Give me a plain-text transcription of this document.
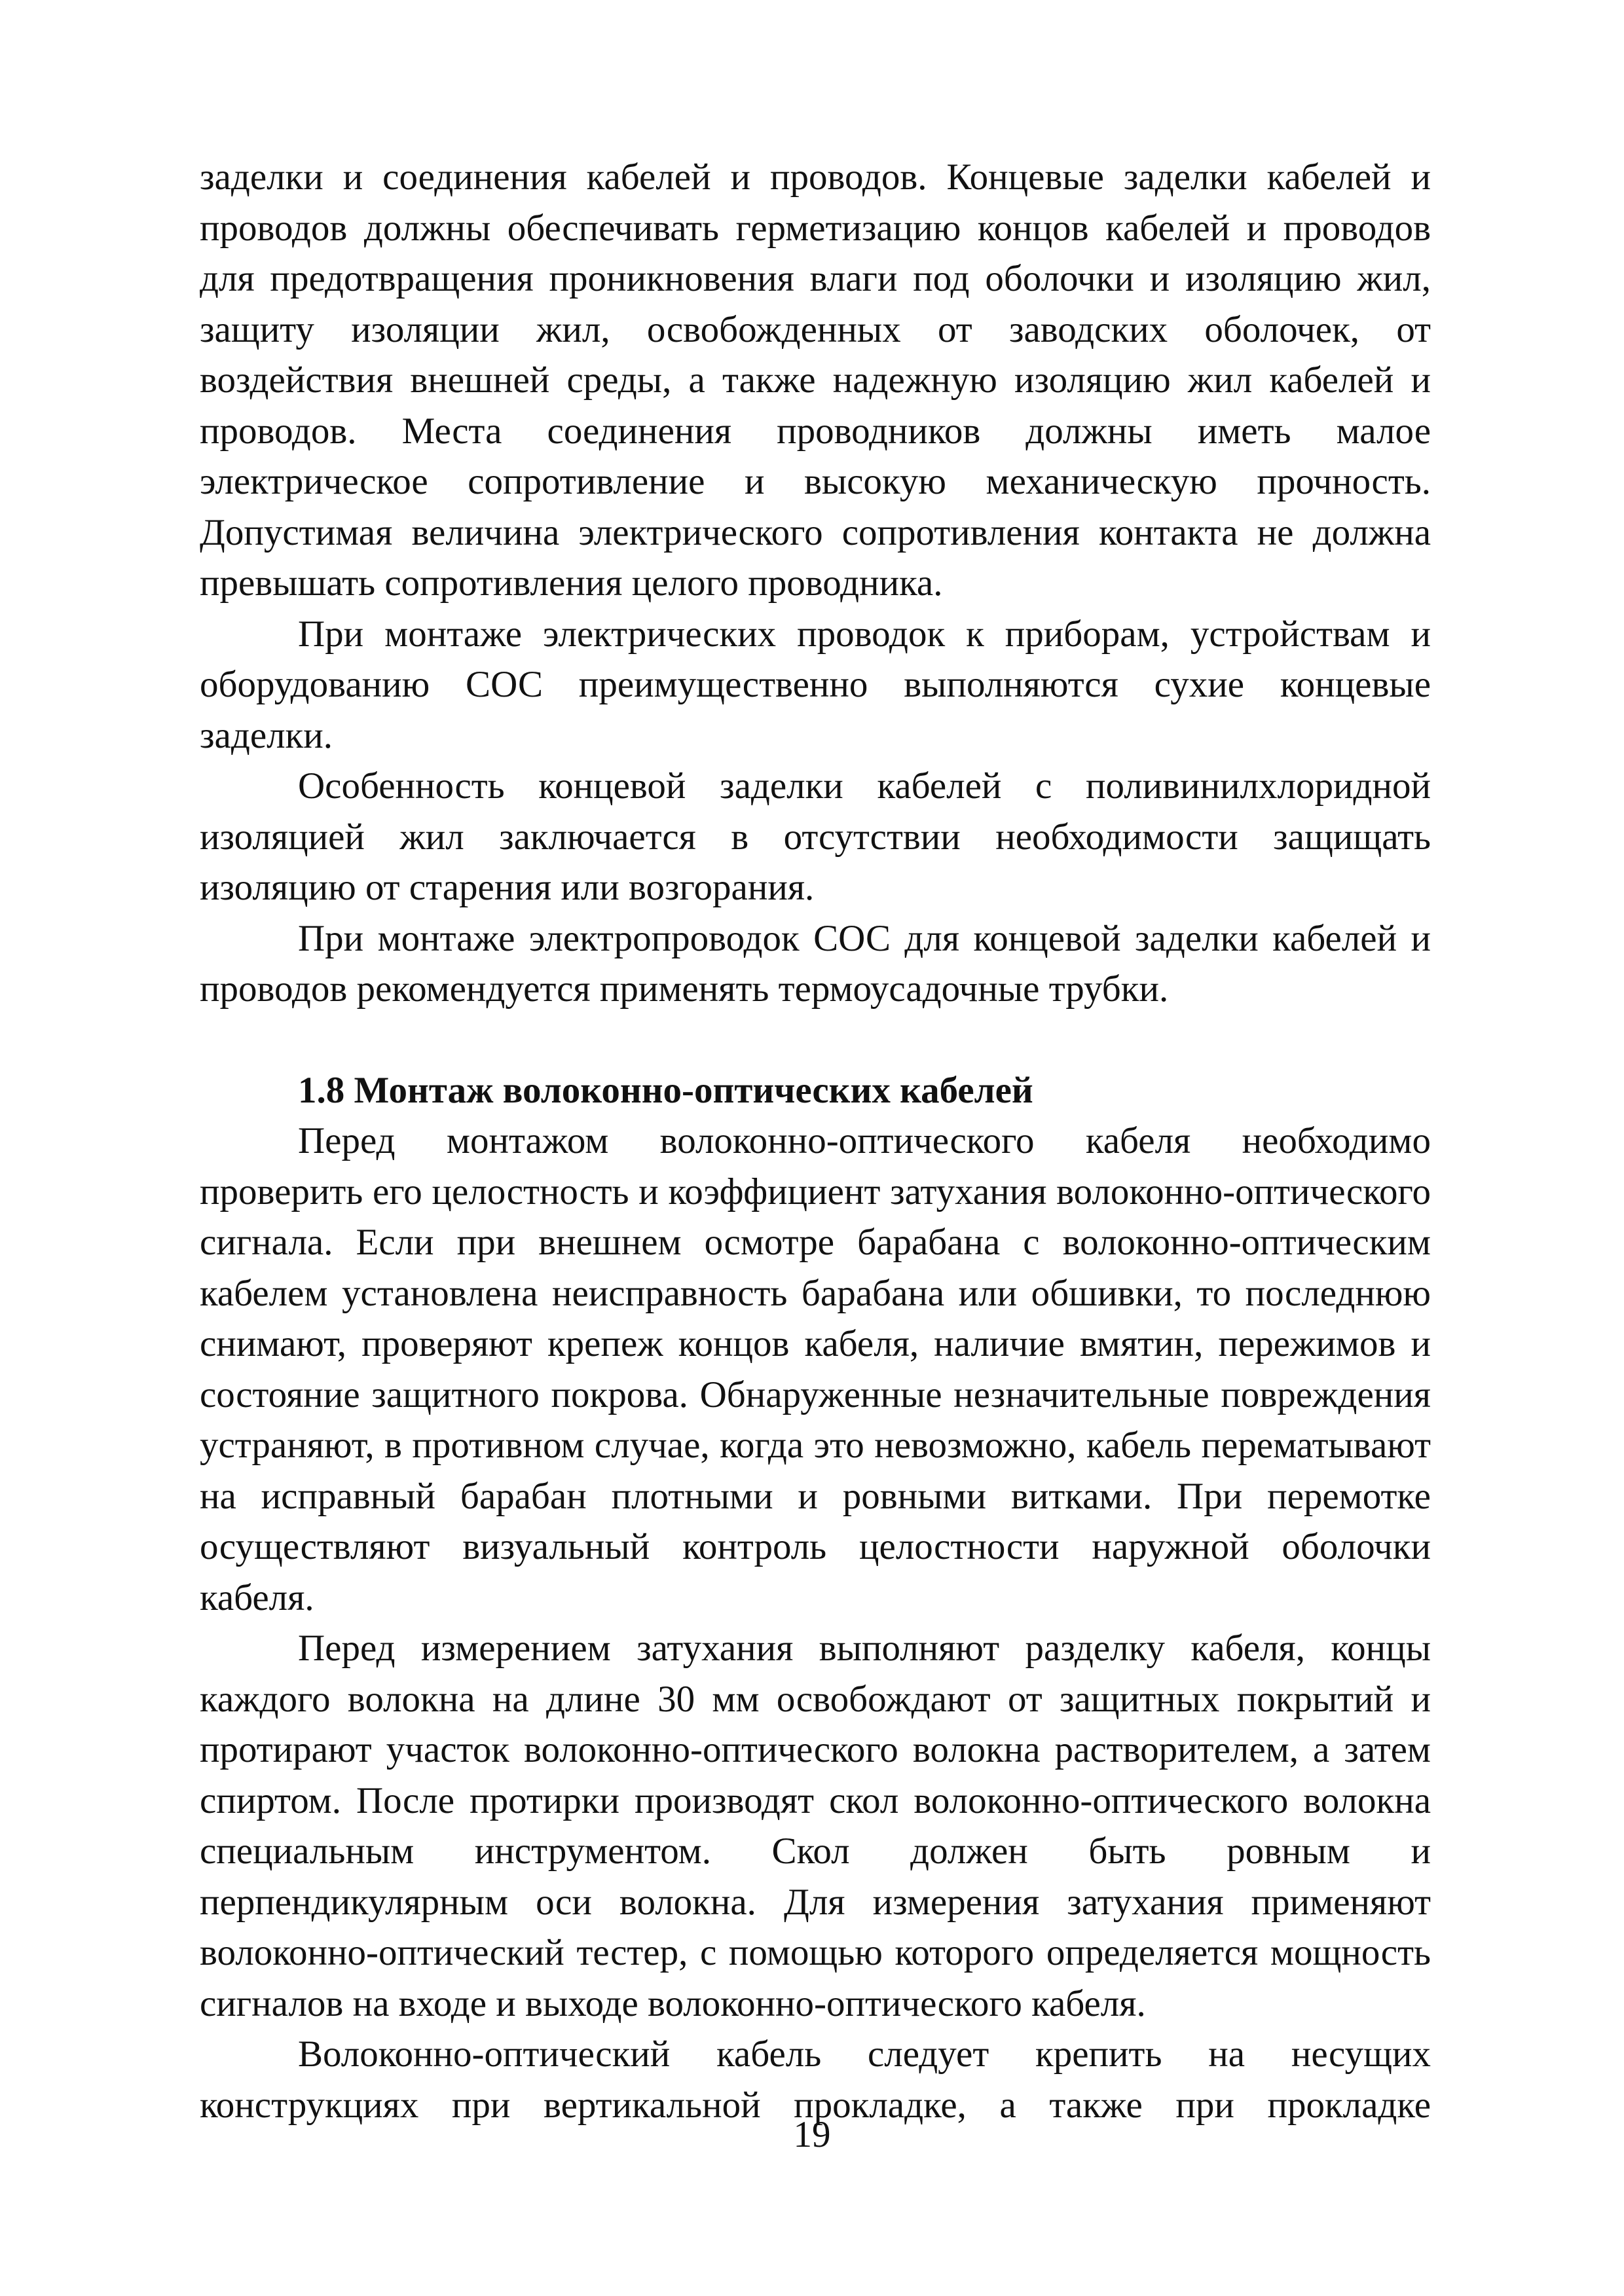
заделки и соединения кабелей и проводов. Концевые заделки кабелей и проводов должны обеспечивать герметизацию концов кабелей и проводов для предотвращения проникновения влаги под оболочки и изоляцию жил, защиту изоляции жил, освобожденных от заводских оболочек, от воздействия внешней среды, а также надежную изоляцию жил кабелей и проводов. Места соединения проводников должны иметь малое электрическое сопротивление и высокую механическую прочность. Допустимая величина электрического сопротивления контакта не должна превышать сопротивления целого проводника.

При монтаже электрических проводок к приборам, устройствам и оборудованию СОС преимущественно выполняются сухие концевые заделки.

Особенность концевой заделки кабелей с поливинилхлоридной изоляцией жил заключается в отсутствии необходимости защищать изоляцию от старения или возгорания.

При монтаже электропроводок СОС для концевой заделки кабелей и проводов рекомендуется применять термоусадочные трубки.

1.8 Монтаж волоконно-оптических кабелей

Перед монтажом волоконно-оптического кабеля необходимо проверить его целостность и коэффициент затухания волоконно-оптического сигнала. Если при внешнем осмотре барабана с волоконно-оптическим кабелем установлена неисправность барабана или обшивки, то последнюю снимают, проверяют крепеж концов кабеля, наличие вмятин, пережимов и состояние защитного покрова. Обнаруженные незначительные повреждения устраняют, в противном случае, когда это невозможно, кабель перематывают на исправный барабан плотными и ровными витками. При перемотке осуществляют визуальный контроль целостности наружной оболочки кабеля.

Перед измерением затухания выполняют разделку кабеля, концы каждого волокна на длине 30 мм освобождают от защитных покрытий и протирают участок волоконно-оптического волокна растворителем, а затем спиртом. После протирки производят скол волоконно-оптического волокна специальным инструментом. Скол должен быть ровным и перпендикулярным оси волокна. Для измерения затухания применяют волоконно-оптический тестер, с помощью которого определяется мощность сигналов на входе и выходе волоконно-оптического кабеля.

Волоконно-оптический кабель следует крепить на несущих конструкциях при вертикальной прокладке, а также при прокладке

19
